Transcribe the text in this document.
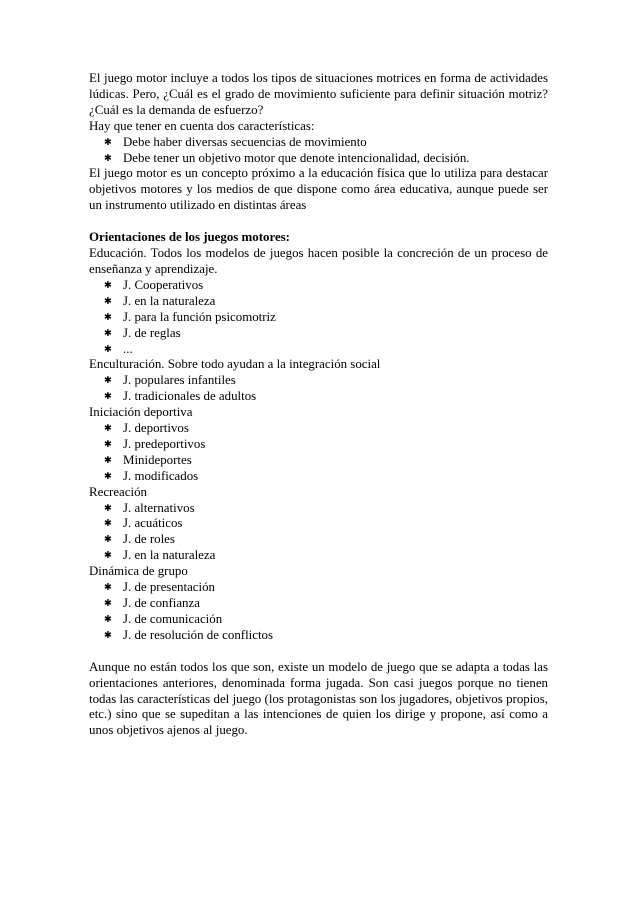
El juego motor incluye a todos los tipos de situaciones motrices en forma de actividades lúdicas. Pero, ¿Cuál es el grado de movimiento suficiente para definir situación motriz? ¿Cuál es la demanda de esfuerzo?

Hay que tener en cuenta dos características:

✱ Debe haber diversas secuencias de movimiento
✱ Debe tener un objetivo motor que denote intencionalidad, decisión.

El juego motor es un concepto próximo a la educación física que lo utiliza para destacar objetivos motores y los medios de que dispone como área educativa, aunque puede ser un instrumento utilizado en distintas áreas

Orientaciones de los juegos motores:

Educación. Todos los modelos de juegos hacen posible la concreción de un proceso de enseñanza y aprendizaje.

✱ J. Cooperativos
✱ J. en la naturaleza
✱ J. para la función psicomotriz
✱ J. de reglas
✱ ...

Enculturación. Sobre todo ayudan a la integración social

✱ J. populares infantiles
✱ J. tradicionales de adultos

Iniciación deportiva

✱ J. deportivos
✱ J. predeportivos
✱ Minideportes
✱ J. modificados

Recreación

✱ J. alternativos
✱ J. acuáticos
✱ J. de roles
✱ J. en la naturaleza

Dinámica de grupo

✱ J. de presentación
✱ J. de confianza
✱ J. de comunicación
✱ J. de resolución de conflictos

Aunque no están todos los que son, existe un modelo de juego que se adapta a todas las orientaciones anteriores, denominada forma jugada. Son casi juegos porque no tienen todas las características del juego (los protagonistas son los jugadores, objetivos propios, etc.) sino que se supeditan a las intenciones de quien los dirige y propone, así como a unos objetivos ajenos al juego.
